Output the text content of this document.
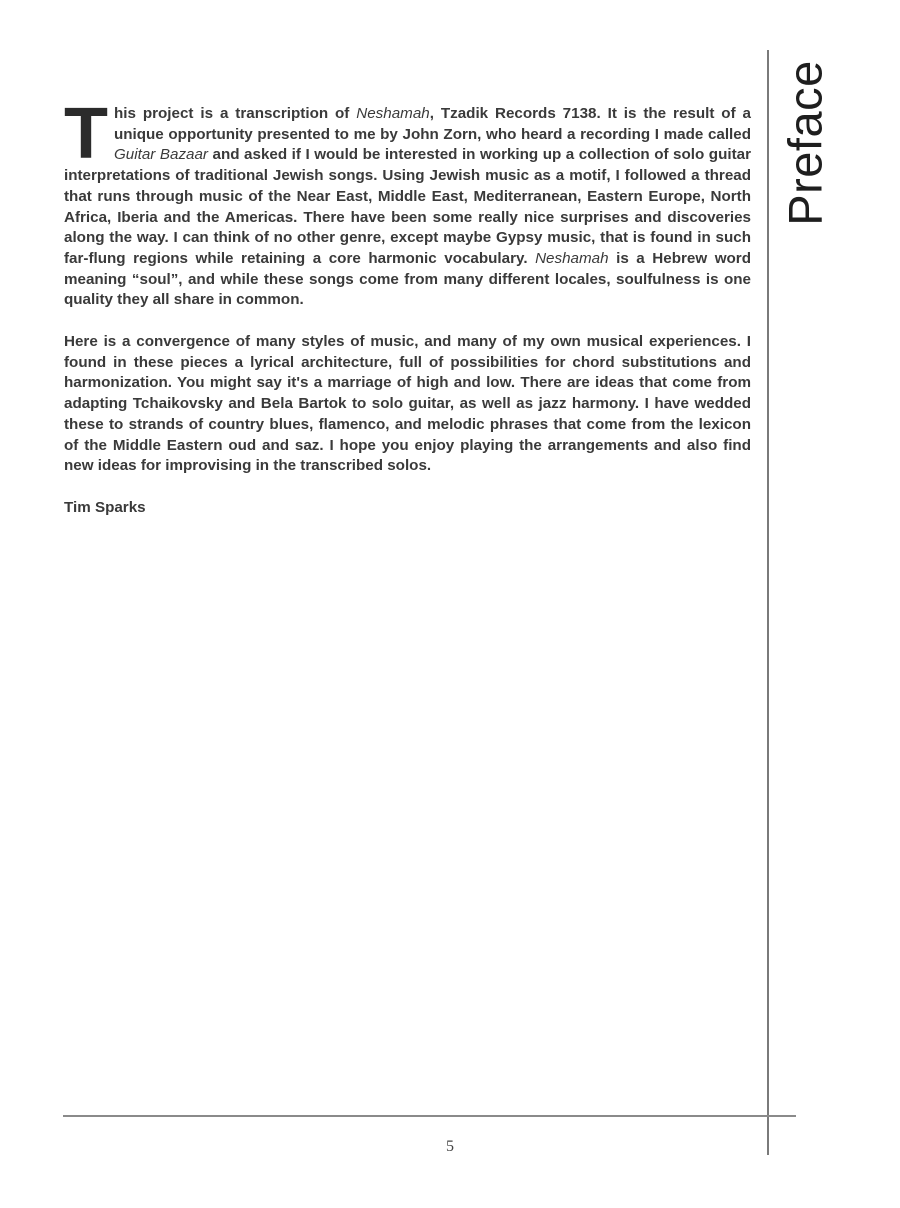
Preface

This project is a transcription of Neshamah, Tzadik Records 7138. It is the result of a unique opportunity presented to me by John Zorn, who heard a recording I made called Guitar Bazaar and asked if I would be interested in working up a collection of solo guitar interpretations of traditional Jewish songs. Using Jewish music as a motif, I followed a thread that runs through music of the Near East, Middle East, Mediterranean, Eastern Europe, North Africa, Iberia and the Americas. There have been some really nice surprises and discoveries along the way. I can think of no other genre, except maybe Gypsy music, that is found in such far-flung regions while retaining a core harmonic vocabulary. Neshamah is a Hebrew word meaning “soul”, and while these songs come from many different locales, soulfulness is one quality they all share in common.

Here is a convergence of many styles of music, and many of my own musical experiences. I found in these pieces a lyrical architecture, full of possibilities for chord substitutions and harmonization. You might say it's a marriage of high and low. There are ideas that come from adapting Tchaikovsky and Bela Bartok to solo guitar, as well as jazz harmony. I have wedded these to strands of country blues, flamenco, and melodic phrases that come from the lexicon of the Middle Eastern oud and saz. I hope you enjoy playing the arrangements and also find new ideas for improvising in the transcribed solos.

Tim Sparks

5
